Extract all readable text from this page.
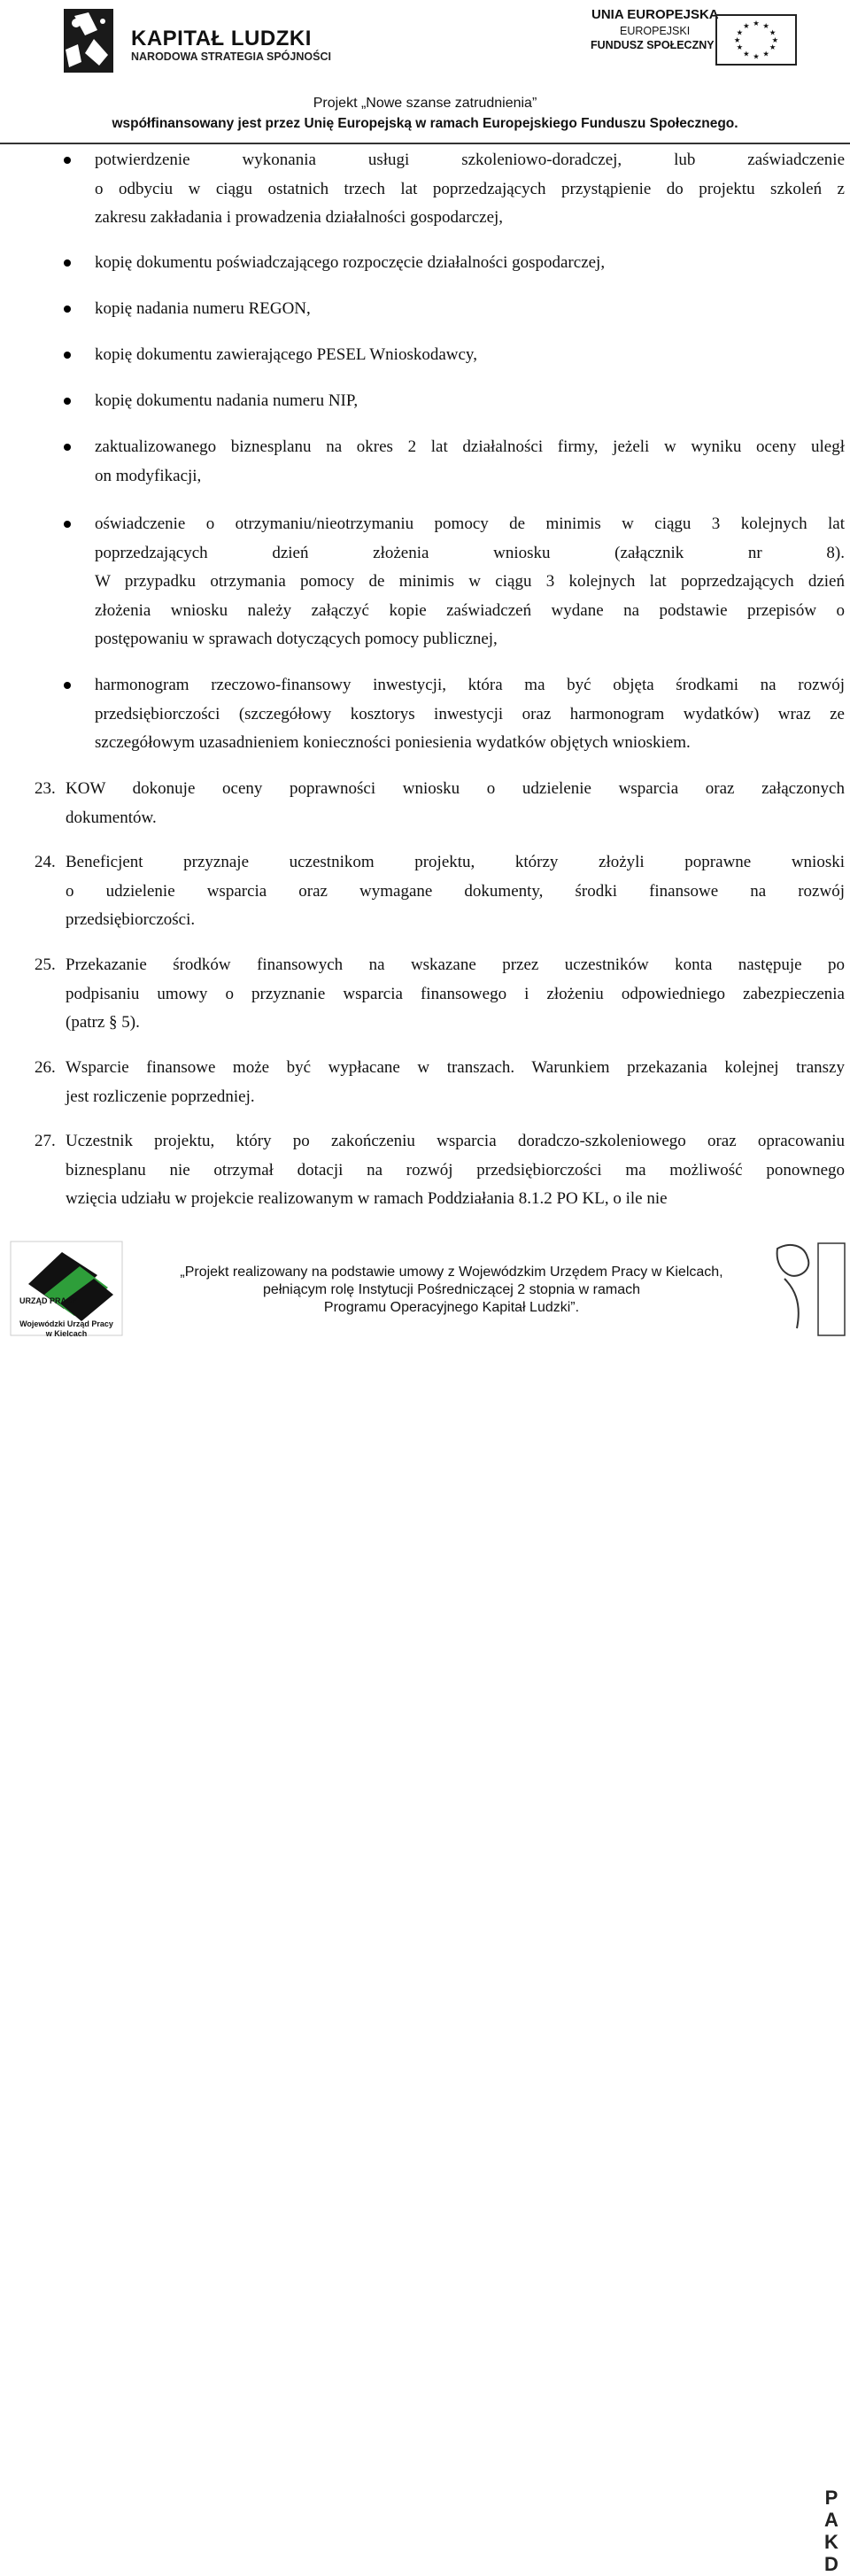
KAPITAŁ LUDZKI
NARODOWA STRATEGIA SPÓJNOŚCI
UNIA EUROPEJSKA
EUROPEJSKI
FUNDUSZ SPOŁECZNY
★ ★
★
★
★
★
★
★
★
★
★
★
Projekt „Nowe szanse zatrudnienia”
współfinansowany jest przez Unię Europejską w ramach Europejskiego Funduszu Społecznego.
potwierdzenie wykonania usługi szkoleniowo-doradczej, lub zaświadczenie
o odbyciu w ciągu ostatnich trzech lat poprzedzających przystąpienie do projektu szkoleń z
zakresu zakładania i prowadzenia działalności gospodarczej,
kopię dokumentu poświadczającego rozpoczęcie działalności gospodarczej,
kopię nadania numeru REGON,
kopię dokumentu zawierającego PESEL Wnioskodawcy,
kopię dokumentu nadania numeru NIP,
zaktualizowanego biznesplanu na okres 2 lat działalności firmy, jeżeli w wyniku oceny uległ
on modyfikacji,
oświadczenie o otrzymaniu/nieotrzymaniu pomocy de minimis w ciągu 3 kolejnych lat
poprzedzających dzień złożenia wniosku (załącznik nr 8).
W przypadku otrzymania pomocy de minimis w ciągu 3 kolejnych lat poprzedzających dzień
złożenia wniosku należy załączyć kopie zaświadczeń wydane na podstawie przepisów o
postępowaniu w sprawach dotyczących pomocy publicznej,
harmonogram rzeczowo-finansowy inwestycji, która ma być objęta środkami na rozwój
przedsiębiorczości (szczegółowy kosztorys inwestycji oraz harmonogram wydatków) wraz ze
szczegółowym uzasadnieniem konieczności poniesienia wydatków objętych wnioskiem.
23. KOW dokonuje oceny poprawności wniosku o udzielenie wsparcia oraz załączonych
dokumentów.
24. Beneficjent przyznaje uczestnikom projektu, którzy złożyli poprawne wnioski
o udzielenie wsparcia oraz wymagane dokumenty, środki finansowe na rozwój
przedsiębiorczości.
25. Przekazanie środków finansowych na wskazane przez uczestników konta następuje po
podpisaniu umowy o przyznanie wsparcia finansowego i złożeniu odpowiedniego zabezpieczenia
(patrz § 5).
26. Wsparcie finansowe może być wypłacane w transzach. Warunkiem przekazania kolejnej transzy
jest rozliczenie poprzedniej.
27. Uczestnik projektu, który po zakończeniu wsparcia doradczo-szkoleniowego oraz opracowaniu
biznesplanu nie otrzymał dotacji na rozwój przedsiębiorczości ma możliwość ponownego
wzięcia udziału w projekcie realizowanym w ramach Poddziałania 8.1.2 PO KL, o ile nie
URZĄD PRACY
Wojewódzki Urząd Pracy
w Kielcach
„Projekt realizowany na podstawie umowy z Wojewódzkim Urzędem Pracy w Kielcach,
pełniącym rolę Instytucji Pośredniczącej 2 stopnia w ramach
Programu Operacyjnego Kapitał Ludzki”.
P
A
K
D
